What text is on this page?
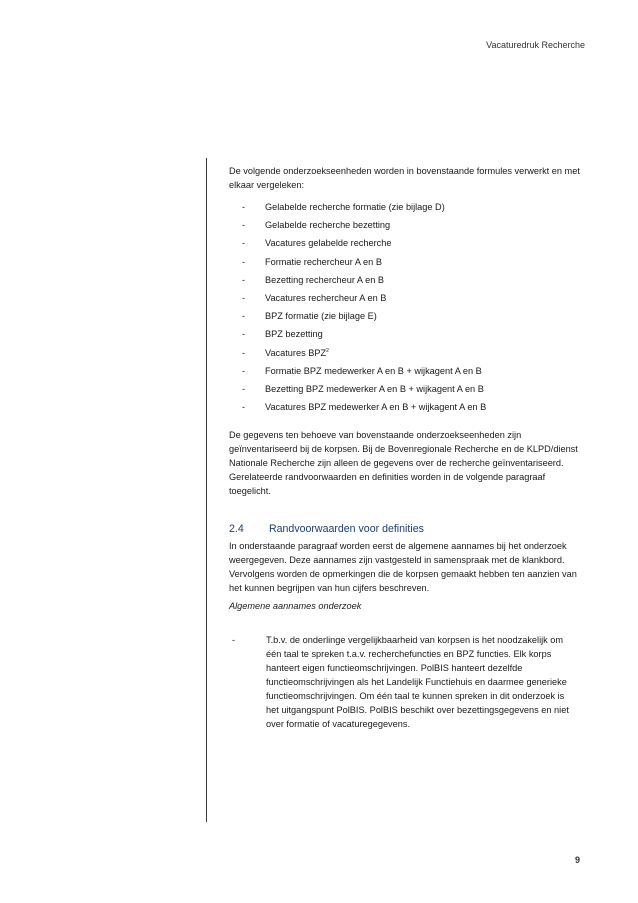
Vacaturedruk Recherche

De volgende onderzoekseenheden worden in bovenstaande formules verwerkt en met elkaar vergeleken:

-	Gelabelde recherche formatie (zie bijlage D)
-	Gelabelde recherche bezetting
-	Vacatures gelabelde recherche
-	Formatie rechercheur A en B
-	Bezetting rechercheur A en B
-	Vacatures rechercheur A en B
-	BPZ formatie (zie bijlage E)
-	BPZ bezetting
-	Vacatures BPZ$^2$
-	Formatie BPZ medewerker A en B + wijkagent A en B
-	Bezetting BPZ medewerker A en B + wijkagent A en B
-	Vacatures BPZ medewerker A en B + wijkagent A en B

De gegevens ten behoeve van bovenstaande onderzoekseenheden zijn geïnventariseerd bij de korpsen. Bij de Bovenregionale Recherche en de KLPD/dienst Nationale Recherche zijn alleen de gegevens over de recherche geïnventariseerd. Gerelateerde randvoorwaarden en definities worden in de volgende paragraaf toegelicht.

2.4	Randvoorwaarden voor definities

In onderstaande paragraaf worden eerst de algemene aannames bij het onderzoek weergegeven. Deze aannames zijn vastgesteld in samenspraak met de klankbord. Vervolgens worden de opmerkingen die de korpsen gemaakt hebben ten aanzien van het kunnen begrijpen van hun cijfers beschreven.

Algemene aannames onderzoek

-	T.b.v. de onderlinge vergelijkbaarheid van korpsen is het noodzakelijk om één taal te spreken t.a.v. recherchefuncties en BPZ functies. Elk korps hanteert eigen functieomschrijvingen. PolBIS hanteert dezelfde functieomschrijvingen als het Landelijk Functiehuis en daarmee generieke functieomschrijvingen. Om één taal te kunnen spreken in dit onderzoek is het uitgangspunt PolBIS. PolBIS beschikt over bezettingsgegevens en niet over formatie of vacaturegegevens.
9
